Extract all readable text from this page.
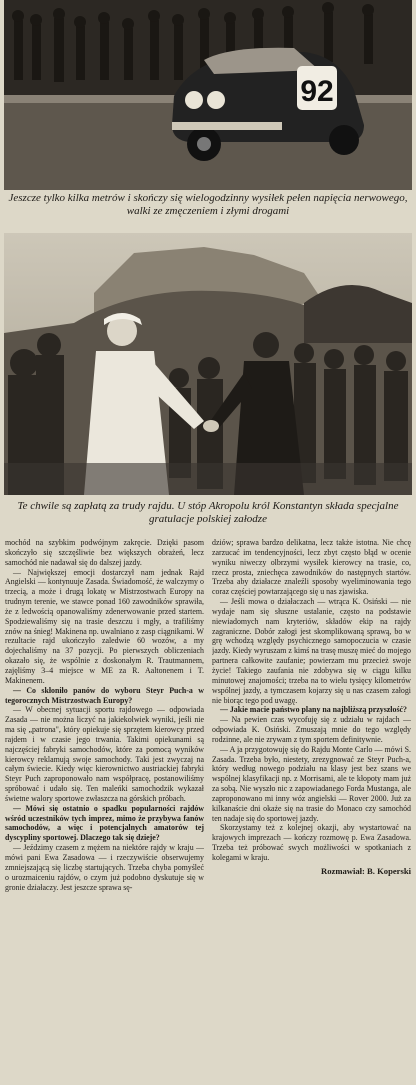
92
Jeszcze tylko kilka metrów i skończy się wielogodzinny wysiłek pełen napięcia nerwowego, walki ze zmęczeniem i złymi drogami
Te chwile są zapłatą za trudy rajdu. U stóp Akropolu król Konstantyn składa specjalne gratulacje polskiej załodze

mochód na szybkim podwójnym zakręcie. Dzięki pasom skończyło się szczęśliwie bez większych obrażeń, lecz samochód nie nadawał się do dalszej jazdy.

— Największej emocji dostarczył nam jednak Rajd Angielski — kontynuuje Zasada. Świadomość, że walczymy o trzecią, a może i drugą lokatę w Mistrzostwach Europy na trudnym terenie, we stawce ponad 160 zawodników sprawiła, że z ledwością opanowaliśmy zdenerwowanie przed startem. Spodziewaliśmy się na trasie deszczu i mgły, a trafiliśmy znów na śnieg! Makinena np. uwalniano z zasp ciągnikami. W rezultacie rajd ukończyło zaledwie 60 wozów, a my dojechaliśmy na 37 pozycji. Po pierwszych obliczeniach okazało się, że wspólnie z doskonałym R. Trautmannem, zajęliśmy 3–4 miejsce w ME za R. Aaltonenem i T. Makinenem.

— Co skłoniło panów do wyboru Steyr Puch-a w tegorocznych Mistrzostwach Europy?

— W obecnej sytuacji sportu rajdowego — odpowiada Zasada — nie można liczyć na jakiekolwiek wyniki, jeśli nie ma się „patrona", który opiekuje się sprzętem kierowcy przed rajdem i w czasie jego trwania. Takimi opiekunami są najczęściej fabryki samochodów, które za pomocą wyników kierowcy reklamują swoje samochody. Taki jest zwyczaj na całym świecie. Kiedy więc kierownictwo austriackiej fabryki Steyr Puch zaproponowało nam współpracę, postanowiliśmy spróbować i udało się. Ten maleńki samochodzik wykazał świetne walory sportowe zwłaszcza na górskich próbach.

— Mówi się ostatnio o spadku popularności rajdów wśród uczestników tych imprez, mimo że przybywa fanów samochodów, a więc i potencjalnych amatorów tej dyscypliny sportowej. Dlaczego tak się dzieje?

— Jeździmy czasem z mężem na niektóre rajdy w kraju — mówi pani Ewa Zasadowa — i rzeczywiście obserwujemy zmniejszającą się liczbę startujących. Trzeba chyba pomyśleć o urozmaiceniu rajdów, o czym już podobno dyskutuje się w gronie działaczy. Jest jeszcze sprawa sę-

dziów; sprawa bardzo delikatna, lecz także istotna. Nie chcę zarzucać im tendencyjności, lecz zbyt często błąd w ocenie wyniku niweczy olbrzymi wysiłek kierowcy na trasie, co, rzecz prosta, zniechęca zawodników do następnych startów. Trzeba aby działacze znaleźli sposoby wyeliminowania tego coraz częściej powtarzającego się u nas zjawiska.

— Jeśli mowa o działaczach — wtrąca K. Osiński — nie wydaje nam się słuszne ustalanie, często na podstawie niewiadomych nam kryteriów, składów ekip na rajdy zagraniczne. Dobór załogi jest skomplikowaną sprawą, bo w grę wchodzą względy psychicznego samopoczucia w czasie jazdy. Kiedy wyruszam z kimś na trasę muszę mieć do mojego partnera całkowite zaufanie; powierzam mu przecież swoje życie! Takiego zaufania nie zdobywa się w ciągu kilku minutowej znajomości; trzeba na to wielu tysięcy kilometrów wspólnej jazdy, a tymczasem kojarzy się u nas czasem załogi nie biorąc tego pod uwagę.

— Jakie macie państwo plany na najbliższą przyszłość?

— Na pewien czas wycofuję się z udziału w rajdach — odpowiada K. Osiński. Zmuszają mnie do tego względy rodzinne, ale nie zrywam z tym sportem definitywnie.

— A ja przygotowuję się do Rajdu Monte Carlo — mówi S. Zasada. Trzeba było, niestety, zrezygnować ze Steyr Puch-a, który według nowego podziału na klasy jest bez szans we wspólnej klasyfikacji np. z Morrisami, ale te kłopoty mam już za sobą. Nie wyszło nic z zapowiadanego Forda Mustanga, ale zaproponowano mi inny wóz angielski — Rover 2000. Już za kilkanaście dni okaże się na trasie do Monaco czy samochód ten nadaje się do sportowej jazdy.

Skorzystamy też z kolejnej okazji, aby wystartować na krajowych imprezach — kończy rozmowę p. Ewa Zasadowa. Trzeba też próbować swych możliwości w spotkaniach z kolegami w kraju.

Rozmawiał: B. Koperski
